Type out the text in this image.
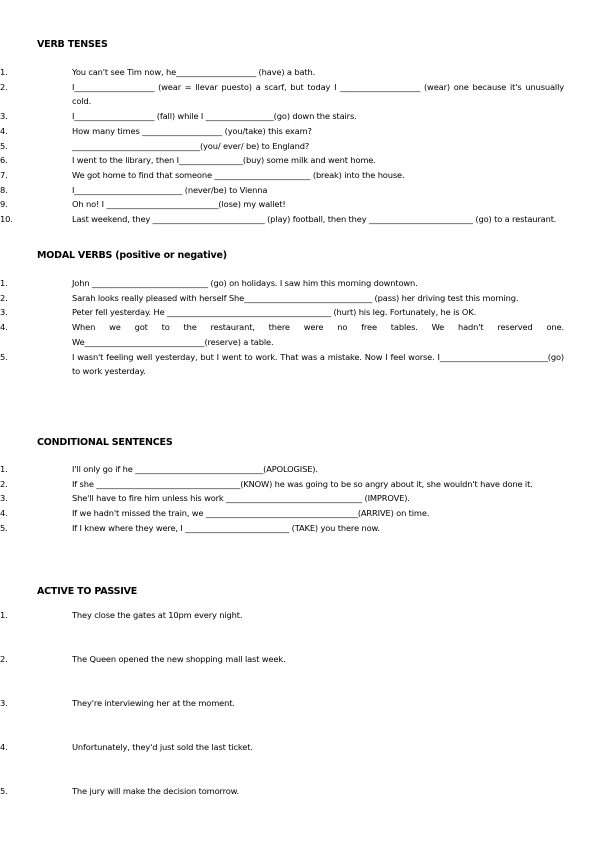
VERB TENSES
1.	You can't see Tim now, he____________________ (have) a bath.
2.	I____________________ (wear = llevar puesto) a scarf, but today I ____________________ (wear) one because it's unusually cold.
3.	I____________________ (fall) while I _________________(go) down the stairs.
4.	How many times ____________________ (you/take) this exam?
5.	________________________________(you/ ever/ be) to England?
6.	I went to the library, then I________________(buy) some milk and went home.
7.	We got home to find that someone ________________________ (break) into the house.
8.	I___________________________ (never/be) to Vienna
9.	Oh no! I ____________________________(lose) my wallet!
10.	Last weekend, they ____________________________ (play) football, then they __________________________ (go) to a restaurant.
MODAL VERBS (positive or negative)
1.	John _____________________________ (go) on holidays. I saw him this morning downtown.
2.	Sarah looks really pleased with herself She________________________________ (pass) her driving test this morning.
3.	Peter fell yesterday. He _________________________________________ (hurt) his leg. Fortunately, he is OK.
4.	When we got to the restaurant, there were no free tables. We hadn't reserved one. We______________________________(reserve) a table.
5.	I wasn't feeling well yesterday, but I went to work. That was a mistake. Now I feel worse. I___________________________(go) to work yesterday.
CONDITIONAL SENTENCES
1.	I'll only go if he ________________________________(APOLOGISE).
2.	If she ____________________________________(KNOW) he was going to be so angry about it, she wouldn't have done it.
3.	She'll have to fire him unless his work __________________________________ (IMPROVE).
4.	If we hadn't missed the train, we ______________________________________(ARRIVE) on time.
5.	If I knew where they were, I __________________________ (TAKE) you there now.
ACTIVE TO PASSIVE
1.	They close the gates at 10pm every night.
2.	The Queen opened the new shopping mall last week.
3.	They're interviewing her at the moment.
4.	Unfortunately, they'd just sold the last ticket.
5.	The jury will make the decision tomorrow.
